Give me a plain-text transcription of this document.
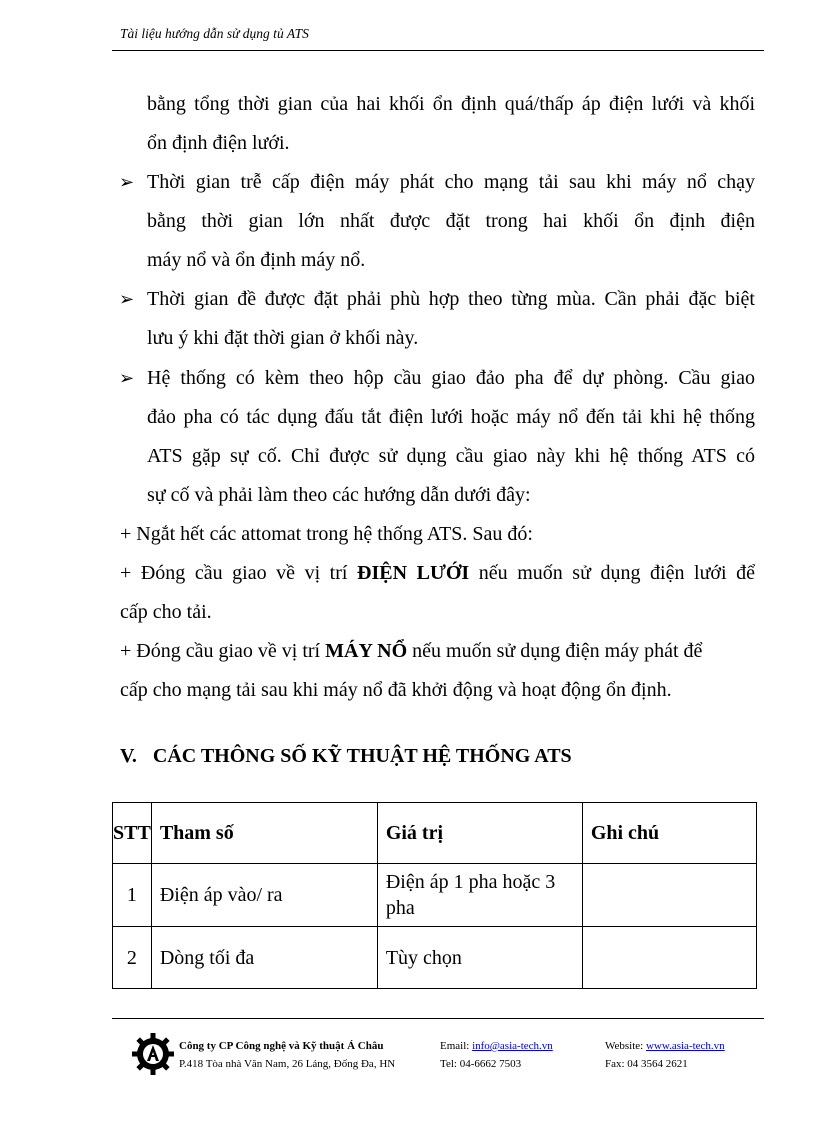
Tài liệu hướng dẫn sử dụng tủ ATS
bằng tổng thời gian của hai khối ổn định quá/thấp áp điện lưới và khối
ổn định điện lưới.
➢ Thời gian trễ cấp điện máy phát cho mạng tải sau khi máy nổ chạy
bằng thời gian lớn nhất được đặt trong hai khối ổn định điện
máy nổ và ổn định máy nổ.
➢ Thời gian đề được đặt phải phù hợp theo từng mùa. Cần phải đặc biệt
lưu ý khi đặt thời gian ở khối này.
➢ Hệ thống có kèm theo hộp cầu giao đảo pha để dự phòng. Cầu giao
đảo pha có tác dụng đấu tắt điện lưới hoặc máy nổ đến tải khi hệ thống
ATS gặp sự cố. Chỉ được sử dụng cầu giao này khi hệ thống ATS có
sự cố và phải làm theo các hướng dẫn dưới đây:
+ Ngắt hết các attomat trong hệ thống ATS. Sau đó:
+ Đóng cầu giao về vị trí ĐIỆN LƯỚI nếu muốn sử dụng điện lưới để
cấp cho tải.
+ Đóng cầu giao về vị trí MÁY NỔ nếu muốn sử dụng điện máy phát để
cấp cho mạng tải sau khi máy nổ đã khởi động và hoạt động ổn định.
V. CÁC THÔNG SỐ KỸ THUẬT HỆ THỐNG ATS
STT	Tham số	Giá trị	Ghi chú
1	Điện áp vào/ ra	Điện áp 1 pha hoặc 3 pha	
2	Dòng tối đa	Tùy chọn	
Công ty CP Công nghệ và Kỹ thuật Á Châu
P.418 Tòa nhà Văn Nam, 26 Láng, Đống Đa, HN
Email: info@asia-tech.vn
Tel: 04-6662 7503
Website: www.asia-tech.vn
Fax: 04 3564 2621
